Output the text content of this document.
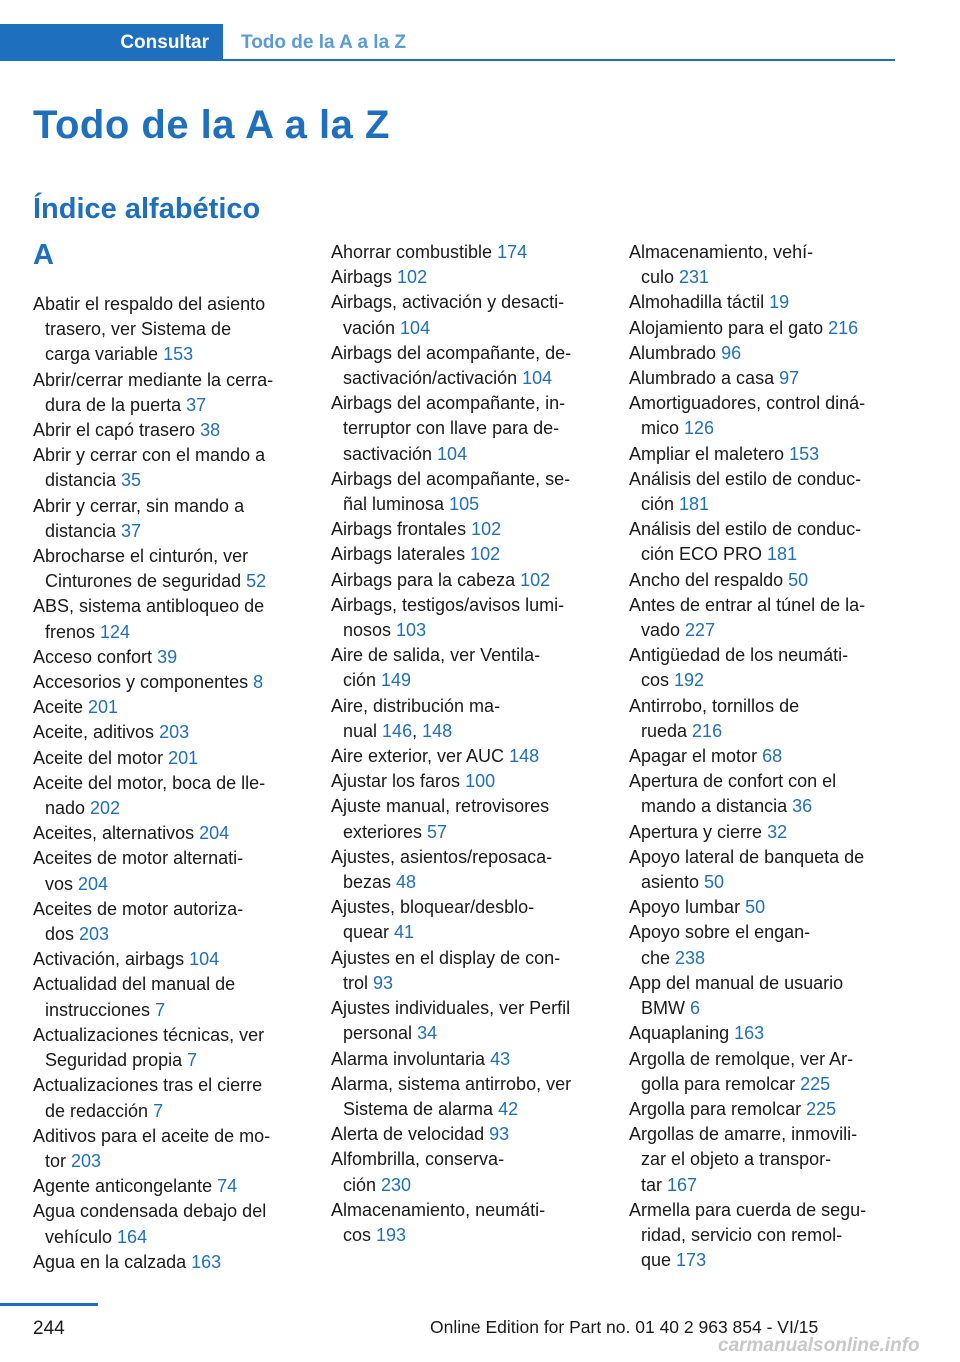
Consultar	Todo de la A a la Z
Todo de la A a la Z
Índice alfabético
A
Abatir el respaldo del asiento
trasero, ver Sistema de
carga variable 153
Abrir/cerrar mediante la cerra-
dura de la puerta 37
Abrir el capó trasero 38
Abrir y cerrar con el mando a
distancia 35
Abrir y cerrar, sin mando a
distancia 37
Abrocharse el cinturón, ver
Cinturones de seguridad 52
ABS, sistema antibloqueo de
frenos 124
Acceso confort 39
Accesorios y componentes 8
Aceite 201
Aceite, aditivos 203
Aceite del motor 201
Aceite del motor, boca de lle-
nado 202
Aceites, alternativos 204
Aceites de motor alternati-
vos 204
Aceites de motor autoriza-
dos 203
Activación, airbags 104
Actualidad del manual de
instrucciones 7
Actualizaciones técnicas, ver
Seguridad propia 7
Actualizaciones tras el cierre
de redacción 7
Aditivos para el aceite de mo-
tor 203
Agente anticongelante 74
Agua condensada debajo del
vehículo 164
Agua en la calzada 163
Ahorrar combustible 174
Airbags 102
Airbags, activación y desacti-
vación 104
Airbags del acompañante, de-
sactivación/activación 104
Airbags del acompañante, in-
terruptor con llave para de-
sactivación 104
Airbags del acompañante, se-
ñal luminosa 105
Airbags frontales 102
Airbags laterales 102
Airbags para la cabeza 102
Airbags, testigos/avisos lumi-
nosos 103
Aire de salida, ver Ventila-
ción 149
Aire, distribución ma-
nual 146, 148
Aire exterior, ver AUC 148
Ajustar los faros 100
Ajuste manual, retrovisores
exteriores 57
Ajustes, asientos/reposaca-
bezas 48
Ajustes, bloquear/desblo-
quear 41
Ajustes en el display de con-
trol 93
Ajustes individuales, ver Perfil
personal 34
Alarma involuntaria 43
Alarma, sistema antirrobo, ver
Sistema de alarma 42
Alerta de velocidad 93
Alfombrilla, conserva-
ción 230
Almacenamiento, neumáti-
cos 193
Almacenamiento, vehí-
culo 231
Almohadilla táctil 19
Alojamiento para el gato 216
Alumbrado 96
Alumbrado a casa 97
Amortiguadores, control diná-
mico 126
Ampliar el maletero 153
Análisis del estilo de conduc-
ción 181
Análisis del estilo de conduc-
ción ECO PRO 181
Ancho del respaldo 50
Antes de entrar al túnel de la-
vado 227
Antigüedad de los neumáti-
cos 192
Antirrobo, tornillos de
rueda 216
Apagar el motor 68
Apertura de confort con el
mando a distancia 36
Apertura y cierre 32
Apoyo lateral de banqueta de
asiento 50
Apoyo lumbar 50
Apoyo sobre el engan-
che 238
App del manual de usuario
BMW 6
Aquaplaning 163
Argolla de remolque, ver Ar-
golla para remolcar 225
Argolla para remolcar 225
Argollas de amarre, inmovili-
zar el objeto a transpor-
tar 167
Armella para cuerda de segu-
ridad, servicio con remol-
que 173
244	Online Edition for Part no. 01 40 2 963 854 - VI/15
carmanualsonline.info
